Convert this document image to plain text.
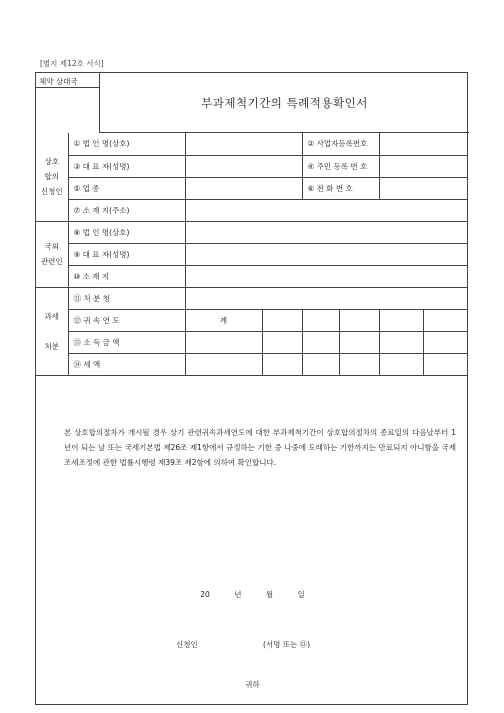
[별지 제12호 서식]
체약 상대국
부과제척기간의 특례적용확인서
상호
합의
신청인	① 법 인 명(상호)			② 사업자등록번호			
	③ 대 표 자(성명)			④ 주민 등록 번 호			
	⑤ 업 종			⑥ 전 화 번 호			
	⑦ 소 재 지(주소)						
국외
관련인	⑧ 법 인 명(상호)						
	⑨ 대 표 자(성명)						
	⑩ 소 재 지						
과세

처분	⑪ 처 분 청						
	⑫ 귀 속 연 도	계					
	⑬ 소 득 금 액						
	⑭ 세 액						
본 상호합의절차가 개시될 경우 상기 관련귀속과세연도에 대한 부과제척기간이 상호합의절차의 종료일의 다음날부터 1년이 되는 날 또는 국세기본법 제26조 제1항에서 규정하는 기한 중 나중에 도래하는 기한까지는 만료되지 아니함을 국제조세조정에 관한 법률시행령 제39조 제2항에 의하여 확인합니다.
20 년 월 일
신청인	(서명 또는 ㉤)
귀하
